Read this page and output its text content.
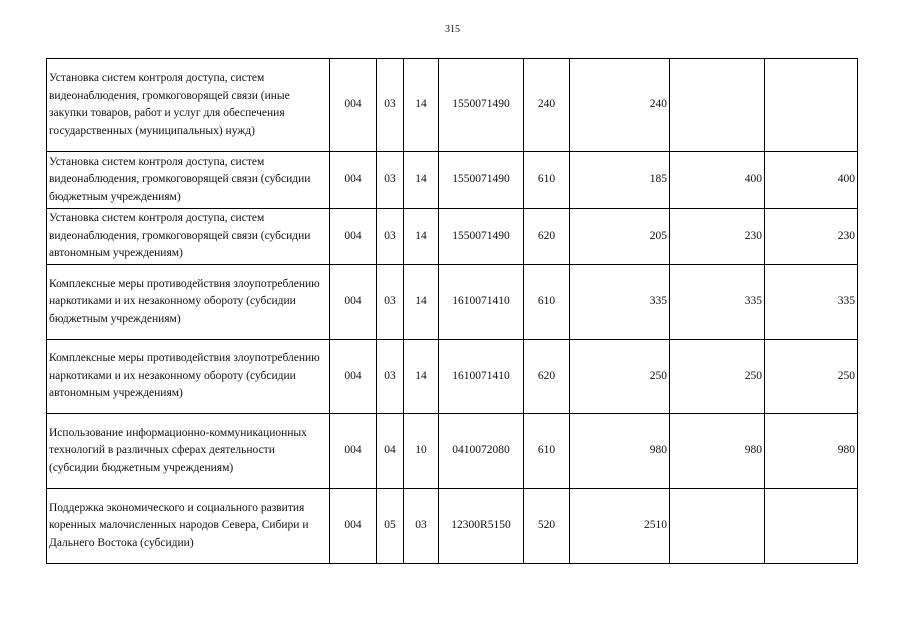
315
Установка систем контроля доступа, систем видеонаблюдения, громкоговорящей связи (иные закупки товаров, работ и услуг для обеспечения государственных (муниципальных) нужд)	004	03	14	1550071490	240	240		
Установка систем контроля доступа, систем видеонаблюдения, громкоговорящей связи (субсидии бюджетным учреждениям)	004	03	14	1550071490	610	185	400	400
Установка систем контроля доступа, систем видеонаблюдения, громкоговорящей связи (субсидии автономным учреждениям)	004	03	14	1550071490	620	205	230	230
Комплексные меры противодействия злоупотреблению наркотиками и их незаконному обороту (субсидии бюджетным учреждениям)	004	03	14	1610071410	610	335	335	335
Комплексные меры противодействия злоупотреблению наркотиками и их незаконному обороту (субсидии автономным учреждениям)	004	03	14	1610071410	620	250	250	250
Использование информационно-коммуникационных технологий в различных сферах деятельности (субсидии бюджетным учреждениям)	004	04	10	0410072080	610	980	980	980
Поддержка экономического и социального развития коренных малочисленных народов Севера, Сибири и Дальнего Востока (субсидии)	004	05	03	12300R5150	520	2510		
